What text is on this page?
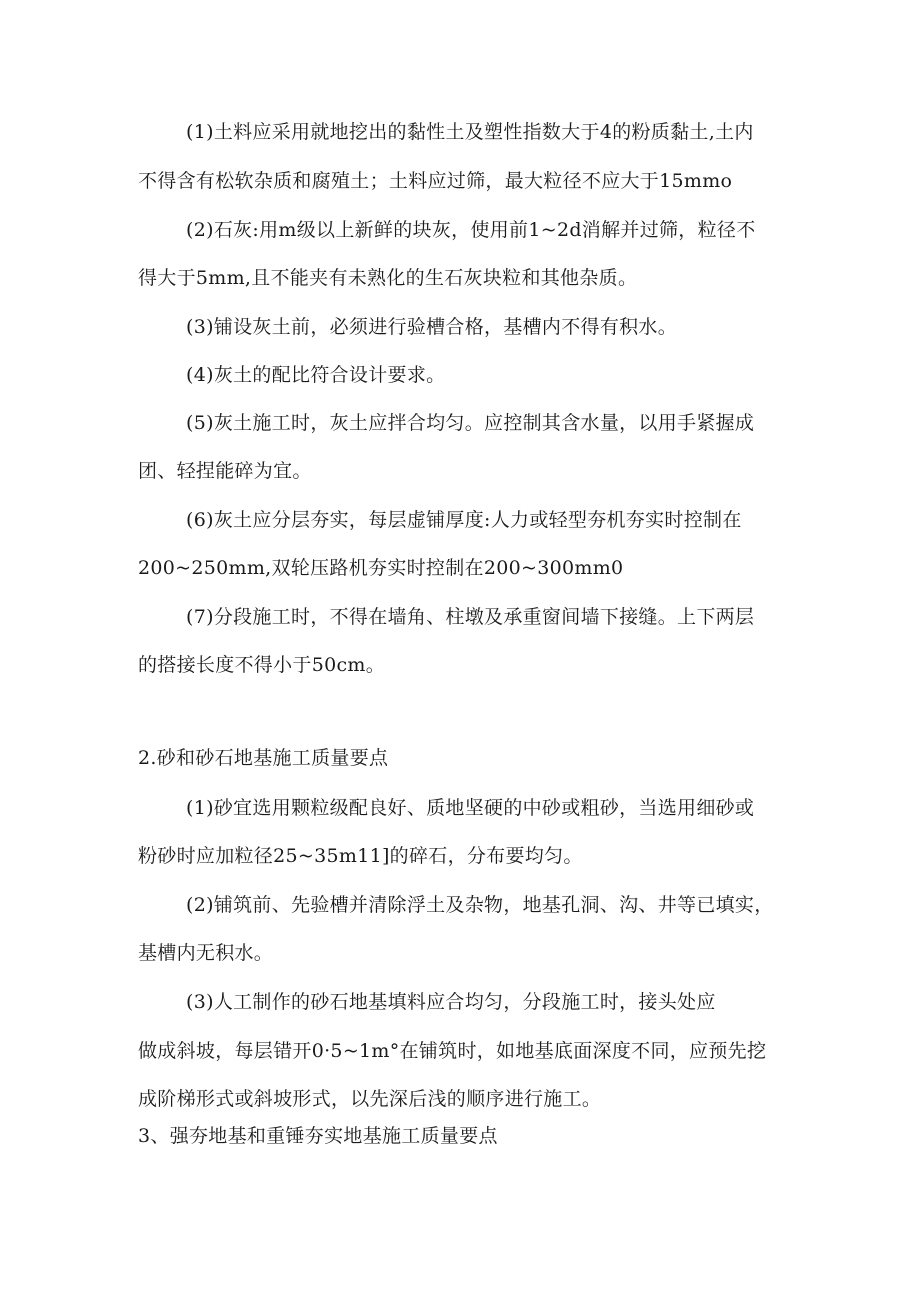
(1)土料应采用就地挖出的黏性土及塑性指数大于4的粉质黏土,土内
不得含有松软杂质和腐殖土；土料应过筛，最大粒径不应大于15mmo
(2)石灰:用m级以上新鲜的块灰，使用前1~2d消解并过筛，粒径不
得大于5mm,且不能夹有未熟化的生石灰块粒和其他杂质。
(3)铺设灰土前，必须进行验槽合格，基槽内不得有积水。
(4)灰土的配比符合设计要求。
(5)灰土施工时，灰土应拌合均匀。应控制其含水量，以用手紧握成
团、轻捏能碎为宜。
(6)灰土应分层夯实，每层虚铺厚度:人力或轻型夯机夯实时控制在
200~250mm,双轮压路机夯实时控制在200~300mm0
(7)分段施工时，不得在墙角、柱墩及承重窗间墙下接缝。上下两层
的搭接长度不得小于50cm。
2.砂和砂石地基施工质量要点
(1)砂宜选用颗粒级配良好、质地坚硬的中砂或粗砂，当选用细砂或
粉砂时应加粒径25~35m11]的碎石，分布要均匀。
(2)铺筑前、先验槽并清除浮土及杂物，地基孔洞、沟、井等已填实，
基槽内无积水。
(3)人工制作的砂石地基填料应合均匀，分段施工时，接头处应
做成斜坡，每层错开0·5~1m°在铺筑时，如地基底面深度不同，应预先挖
成阶梯形式或斜坡形式，以先深后浅的顺序进行施工。
3、强夯地基和重锤夯实地基施工质量要点
